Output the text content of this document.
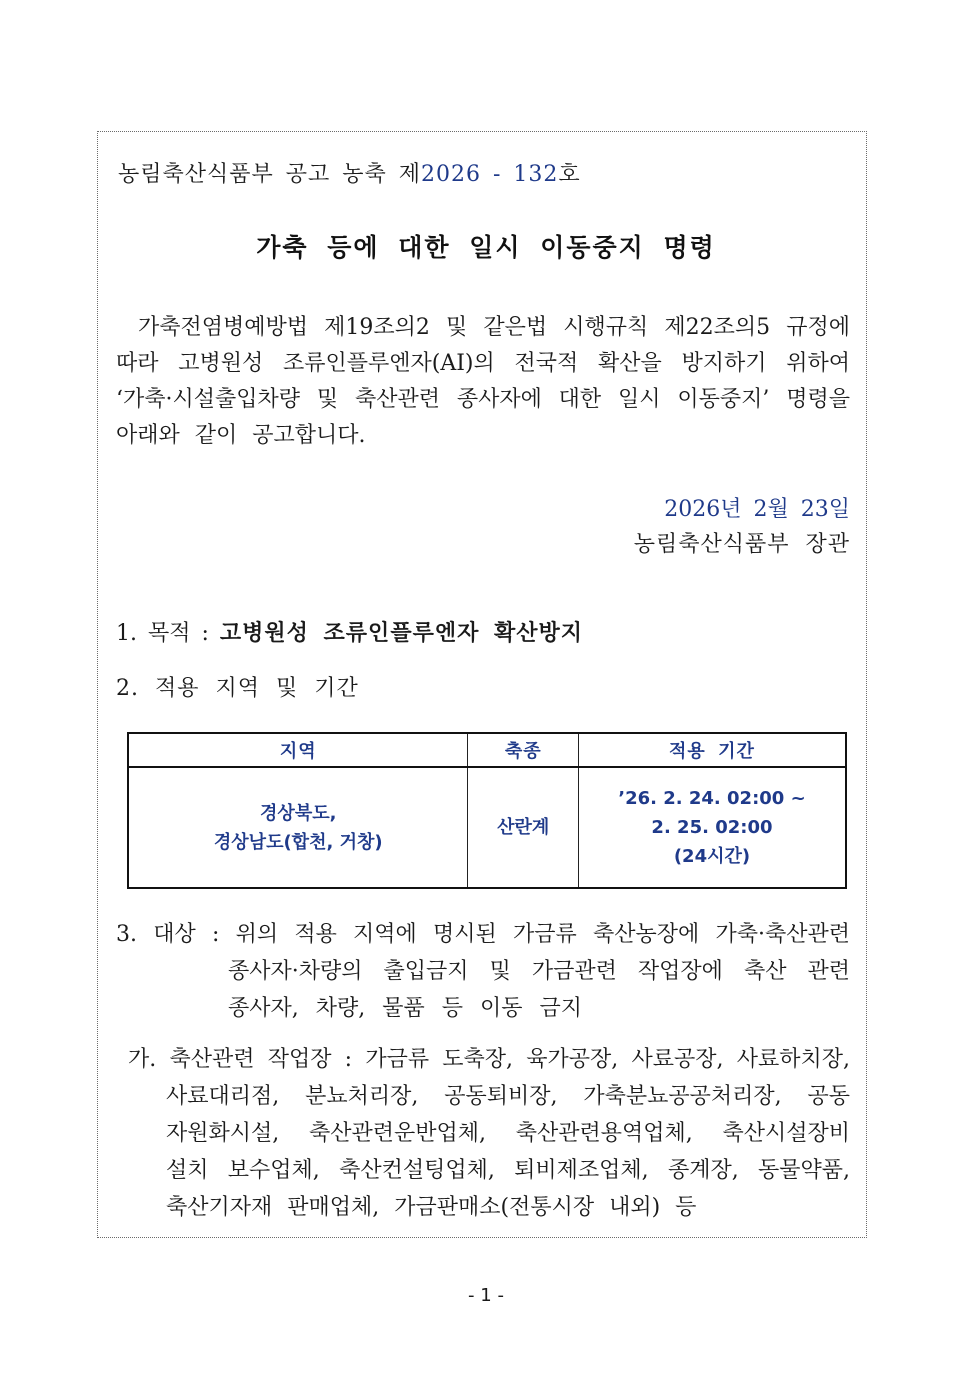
농림축산식품부 공고 농축 제2026 - 132호
가축 등에 대한 일시 이동중지 명령
가축전염병예방법 제19조의2 및 같은법 시행규칙 제22조의5 규정에
따라 고병원성 조류인플루엔자(AI)의 전국적 확산을 방지하기 위하여
‘가축·시설출입차량 및 축산관련 종사자에 대한 일시 이동중지’ 명령을
아래와 같이 공고합니다.
2026년 2월 23일
농림축산식품부 장관
1. 목적 : 고병원성 조류인플루엔자 확산방지
2. 적용 지역 및 기간
지역	축종	적용 기간

경상북도,
경상남도(합천, 거창)	산란계	’26. 2. 24. 02:00 ~
2. 25. 02:00
(24시간)
3. 대상 : 위의 적용 지역에 명시된 가금류 축산농장에 가축·축산관련
종사자·차량의 출입금지 및 가금관련 작업장에 축산 관련
종사자, 차량, 물품 등 이동 금지
가. 축산관련 작업장 : 가금류 도축장, 육가공장, 사료공장, 사료하치장,
사료대리점, 분뇨처리장, 공동퇴비장, 가축분뇨공공처리장, 공동
자원화시설, 축산관련운반업체, 축산관련용역업체, 축산시설장비
설치 보수업체, 축산컨설팅업체, 퇴비제조업체, 종계장, 동물약품,
축산기자재 판매업체, 가금판매소(전통시장 내외) 등
- 1 -
